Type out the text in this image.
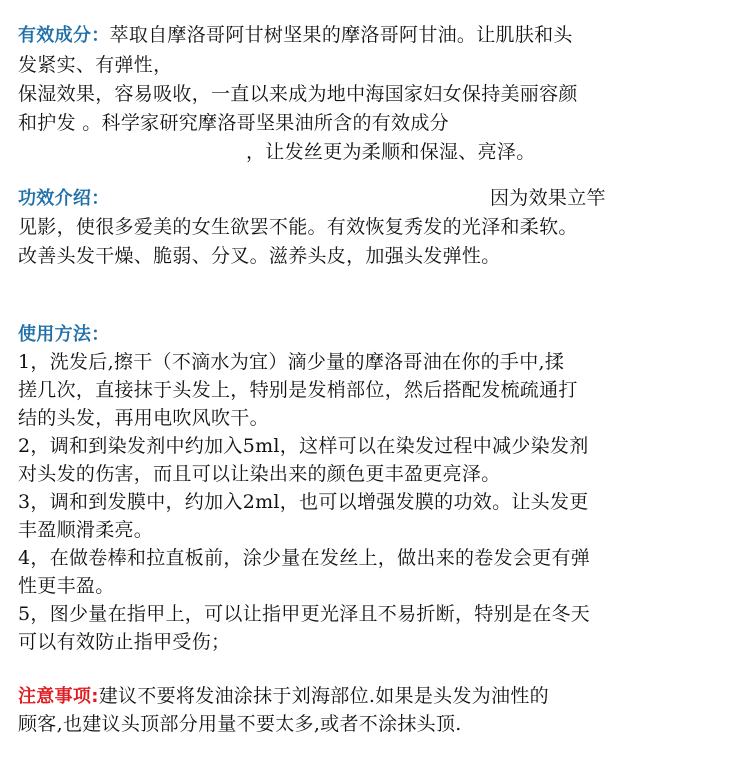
有效成分：萃取自摩洛哥阿甘树坚果的摩洛哥阿甘油。让肌肤和头
发紧实、有弹性，
保湿效果，容易吸收，一直以来成为地中海国家妇女保持美丽容颜
和护发 。科学家研究摩洛哥坚果油所含的有效成分
，让发丝更为柔顺和保湿、亮泽。
功效介绍：	因为效果立竿
见影，使很多爱美的女生欲罢不能。有效恢复秀发的光泽和柔软。
改善头发干燥、脆弱、分叉。滋养头皮，加强头发弹性。
使用方法：
1，洗发后,擦干（不滴水为宜）滴少量的摩洛哥油在你的手中,揉
搓几次，直接抹于头发上，特别是发梢部位，然后搭配发梳疏通打
结的头发，再用电吹风吹干。
2，调和到染发剂中约加入5ml，这样可以在染发过程中减少染发剂
对头发的伤害，而且可以让染出来的颜色更丰盈更亮泽。
3，调和到发膜中，约加入2ml，也可以增强发膜的功效。让头发更
丰盈顺滑柔亮。
4，在做卷棒和拉直板前，涂少量在发丝上，做出来的卷发会更有弹
性更丰盈。
5，图少量在指甲上，可以让指甲更光泽且不易折断，特别是在冬天
可以有效防止指甲受伤；
注意事项:建议不要将发油涂抹于刘海部位.如果是头发为油性的
顾客,也建议头顶部分用量不要太多,或者不涂抹头顶.
